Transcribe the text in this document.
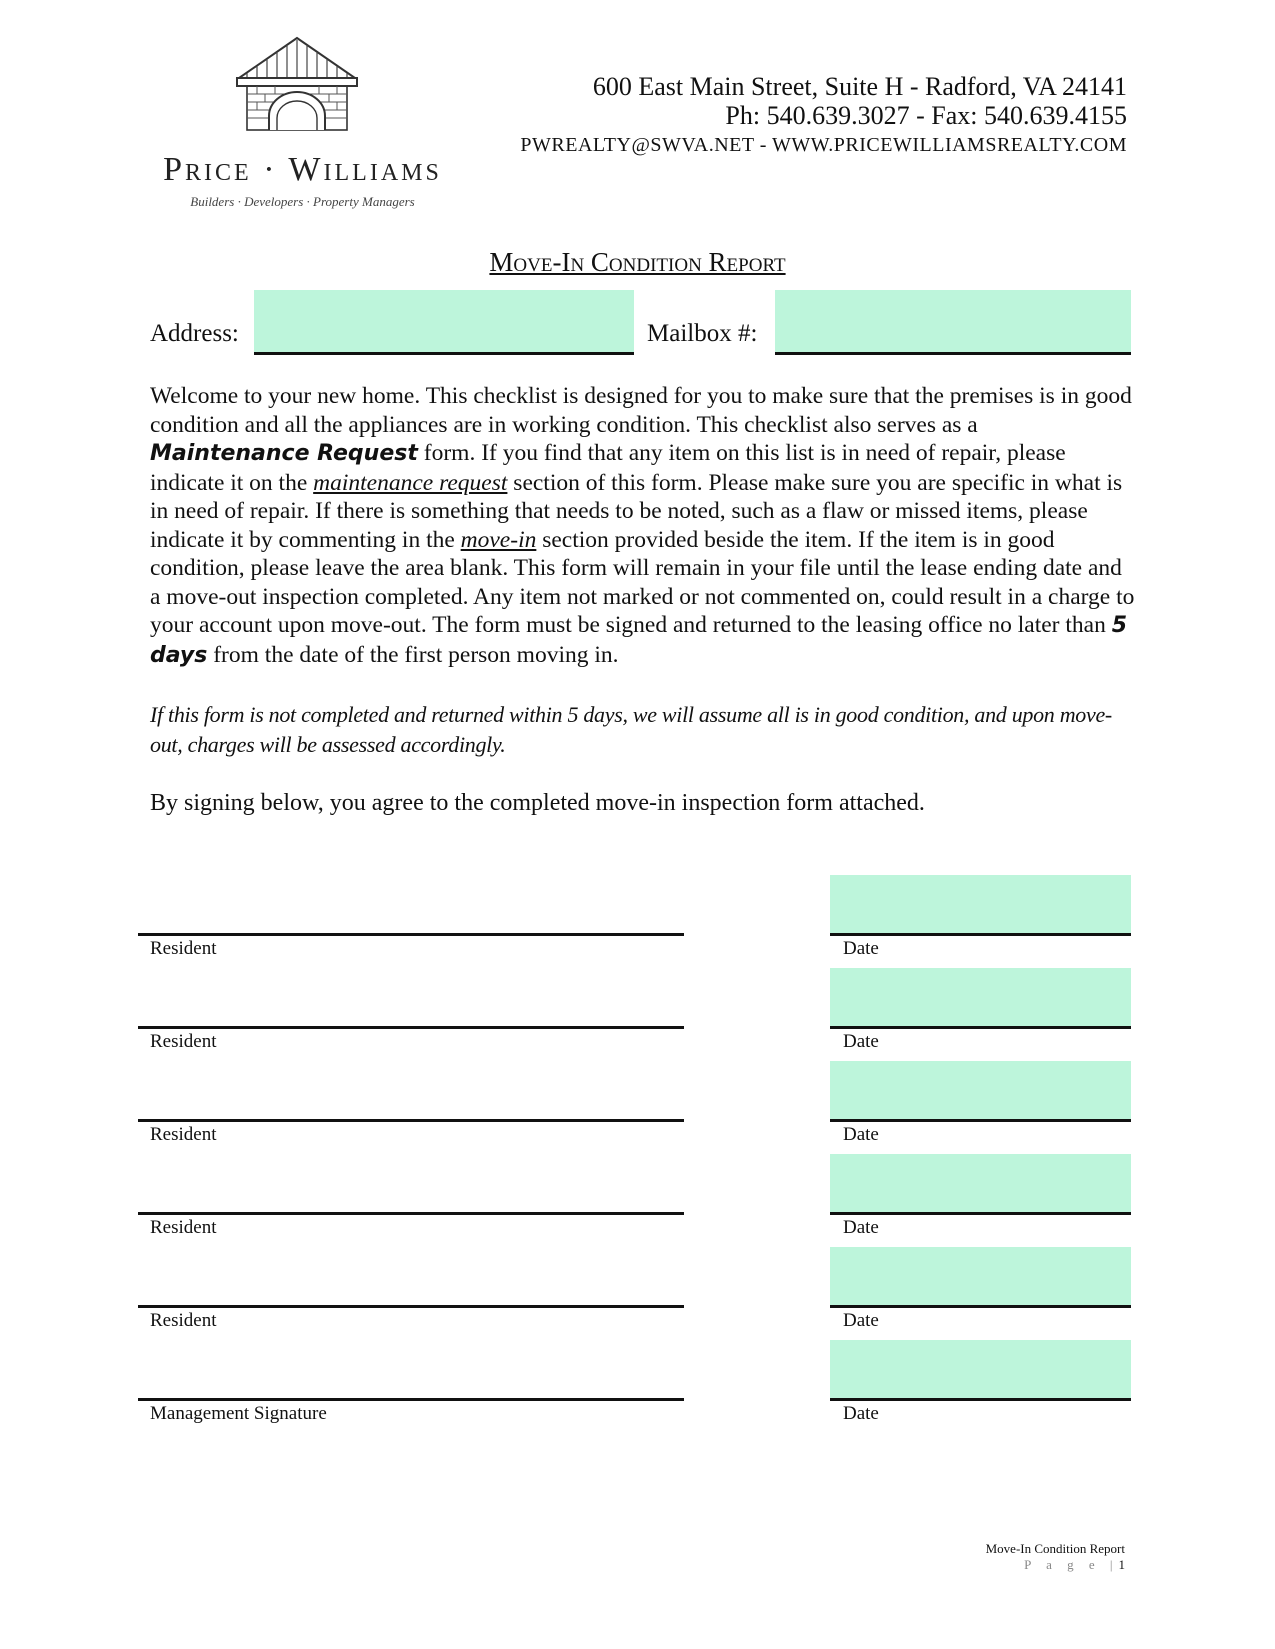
Price · Williams
Builders · Developers · Property Managers
600 East Main Street, Suite H - Radford, VA 24141
Ph: 540.639.3027 - Fax: 540.639.4155
PWREALTY@SWVA.NET - WWW.PRICEWILLIAMSREALTY.COM
Move-In Condition Report
Address:	Mailbox #:
Welcome to your new home. This checklist is designed for you to make sure that the premises is in good condition and all the appliances are in working condition. This checklist also serves as a Maintenance Request form. If you find that any item on this list is in need of repair, please indicate it on the maintenance request section of this form. Please make sure you are specific in what is in need of repair. If there is something that needs to be noted, such as a flaw or missed items, please indicate it by commenting in the move-in section provided beside the item. If the item is in good condition, please leave the area blank. This form will remain in your file until the lease ending date and a move-out inspection completed. Any item not marked or not commented on, could result in a charge to your account upon move-out. The form must be signed and returned to the leasing office no later than 5 days from the date of the first person moving in.
If this form is not completed and returned within 5 days, we will assume all is in good condition, and upon move-out, charges will be assessed accordingly.
By signing below, you agree to the completed move-in inspection form attached.
Resident	Date
Resident	Date
Resident	Date
Resident	Date
Resident	Date
Management Signature	Date
Move-In Condition Report
P a g e |1
